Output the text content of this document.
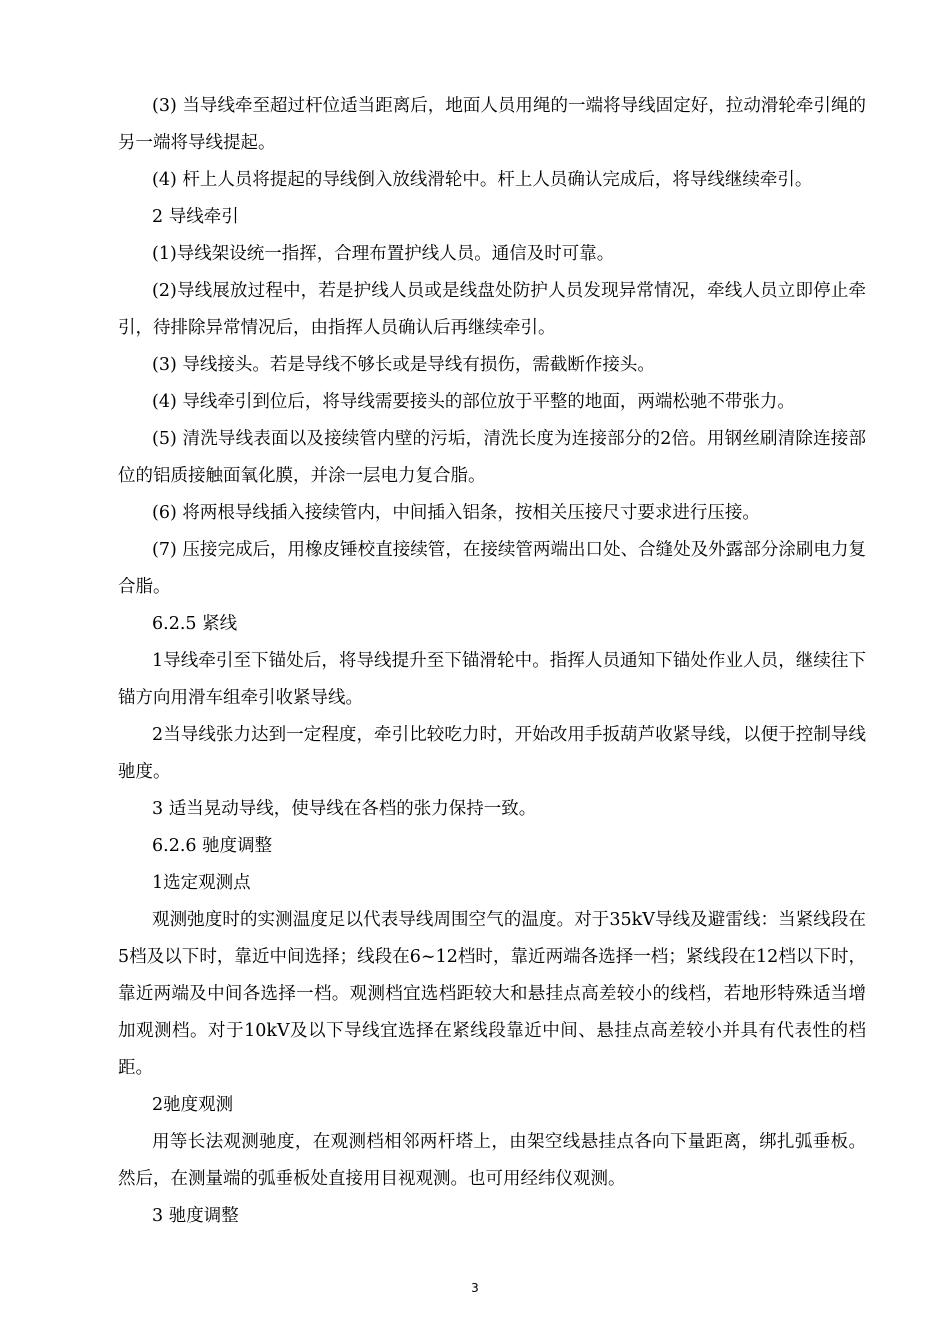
(3) 当导线牵至超过杆位适当距离后，地面人员用绳的一端将导线固定好，拉动滑轮牵引绳的另一端将导线提起。

(4) 杆上人员将提起的导线倒入放线滑轮中。杆上人员确认完成后，将导线继续牵引。

2 导线牵引

(1)导线架设统一指挥，合理布置护线人员。通信及时可靠。

(2)导线展放过程中，若是护线人员或是线盘处防护人员发现异常情况，牵线人员立即停止牵引，待排除异常情况后，由指挥人员确认后再继续牵引。

(3) 导线接头。若是导线不够长或是导线有损伤，需截断作接头。

(4) 导线牵引到位后，将导线需要接头的部位放于平整的地面，两端松驰不带张力。

(5) 清洗导线表面以及接续管内壁的污垢，清洗长度为连接部分的2倍。用钢丝刷清除连接部位的铝质接触面氧化膜，并涂一层电力复合脂。

(6) 将两根导线插入接续管内，中间插入铝条，按相关压接尺寸要求进行压接。

(7) 压接完成后，用橡皮锤校直接续管，在接续管两端出口处、合缝处及外露部分涂刷电力复合脂。

6.2.5 紧线

1导线牵引至下锚处后，将导线提升至下锚滑轮中。指挥人员通知下锚处作业人员，继续往下锚方向用滑车组牵引收紧导线。

2当导线张力达到一定程度，牵引比较吃力时，开始改用手扳葫芦收紧导线，以便于控制导线驰度。

3 适当晃动导线，使导线在各档的张力保持一致。

6.2.6 驰度调整

1选定观测点

观测弛度时的实测温度足以代表导线周围空气的温度。对于35kV导线及避雷线：当紧线段在5档及以下时，靠近中间选择；线段在6~12档时，靠近两端各选择一档；紧线段在12档以下时，靠近两端及中间各选择一档。观测档宜选档距较大和悬挂点高差较小的线档，若地形特殊适当增加观测档。对于10kV及以下导线宜选择在紧线段靠近中间、悬挂点高差较小并具有代表性的档距。

2驰度观测

用等长法观测驰度，在观测档相邻两杆塔上，由架空线悬挂点各向下量距离，绑扎弧垂板。然后，在测量端的弧垂板处直接用目视观测。也可用经纬仪观测。

3 驰度调整

3
